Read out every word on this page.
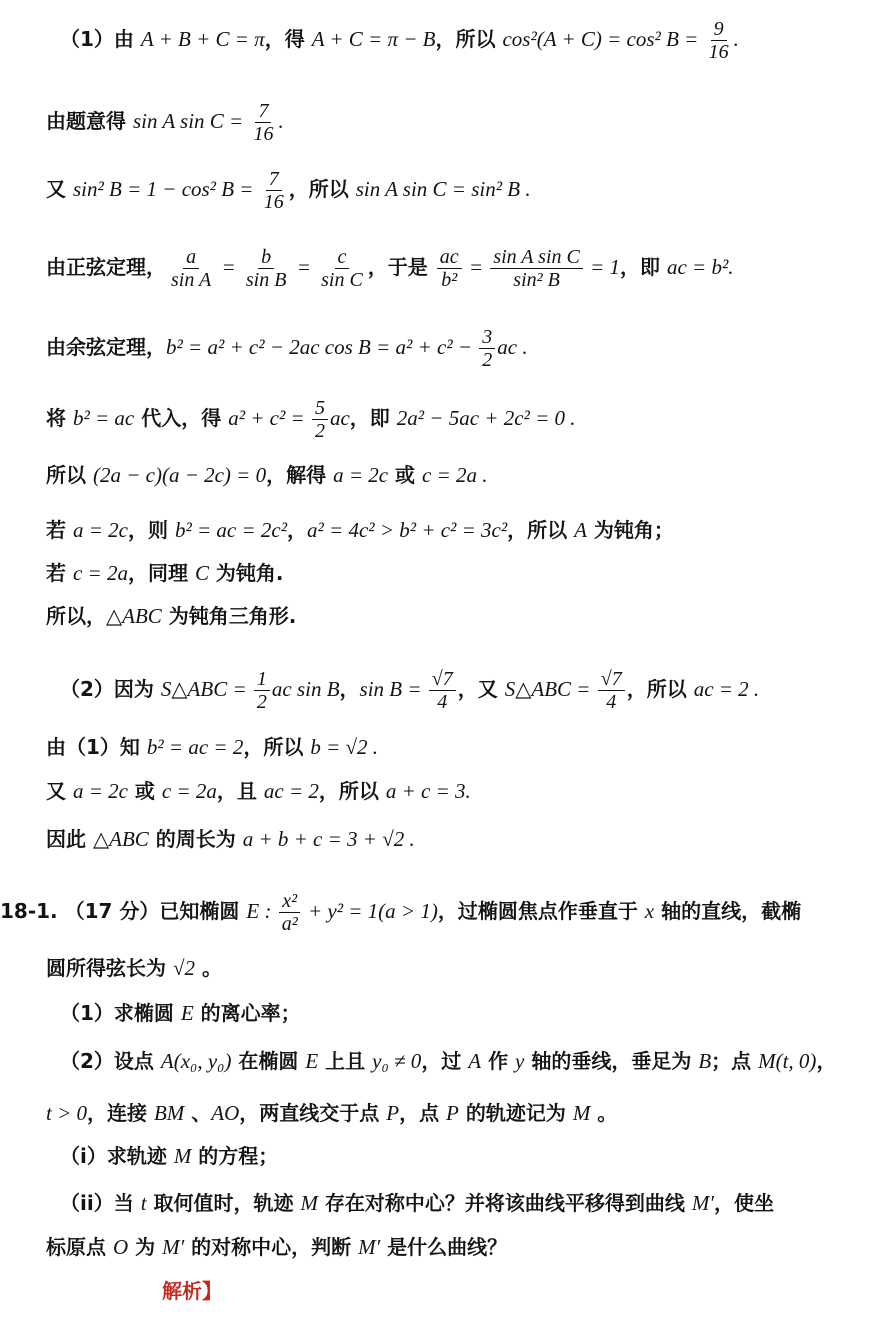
（1）由 A + B + C = π，得 A + C = π − B，所以 cos²(A + C) = cos² $B = \frac{9}{16}$ .
由题意得 sin A $\sin C = \frac{7}{16}$ .
又 sin² B = 1 − cos² $B = \frac{7}{16}$ ，所以 sin A sin C = sin² B .
由正弦定理， $\frac{a}{\text{sin A}} = \frac{b}{\text{sin B}} = \frac{c}{\text{sin C}}$ ，于是 $\frac{ac}{\text{b²}} = \frac{\text{sin A sin C}}{\text{sin² B}} = 1$，即 ac = b².
由余弦定理，b² = a² + c² − 2ac $\cos B = a^2 + c^2 - \frac{3}{2}$ ac .
将 b² = ac 代入，得 $a^2 + c^2 = \frac{5}{2}$ ac，即 2a² − 5ac + 2c² = 0 .
所以 (2a − c)(a − 2c) = 0，解得 a = 2c 或 c = 2a .
若 a = 2c，则 b² = ac = 2c²，a² = 4c² > b² + c² = 3c²，所以 A 为钝角；
若 c = 2a，同理 C 为钝角.
所以，△ABC 为钝角三角形.
（2）因为 S△ABC = $\frac{1}{2}$ ac sin B，$\sin B = \frac{√7}{4}$ ，又 S△ABC = $\frac{√7}{4}$ ，所以 ac = 2 .
由（1）知 b² = ac = 2，所以 b = √2 .
又 a = 2c 或 c = 2a，且 ac = 2，所以 a + c = 3.
因此 △ABC 的周长为 a + b + c = 3 + √2 .
18-1. （17 分）已知椭圆 E : $\frac{\text{x²}}{\text{a²}} + y^2 = 1(a > 1)$，过椭圆焦点作垂直于 x 轴的直线，截椭
圆所得弦长为 √2 。
（1）求椭圆 E 的离心率；
（2）设点 A(x₀, y₀) 在椭圆 E 上且 y₀ ≠ 0，过 A 作 y 轴的垂线，垂足为 B；点 M(t, 0)，
t > 0，连接 BM 、AO，两直线交于点 P，点 P 的轨迹记为 M 。
（i）求轨迹 M 的方程；
（ii）当 t 取何值时，轨迹 M 存在对称中心？并将该曲线平移得到曲线 M′，使坐
标原点 O 为 M′ 的对称中心，判断 M′ 是什么曲线？
解析】
